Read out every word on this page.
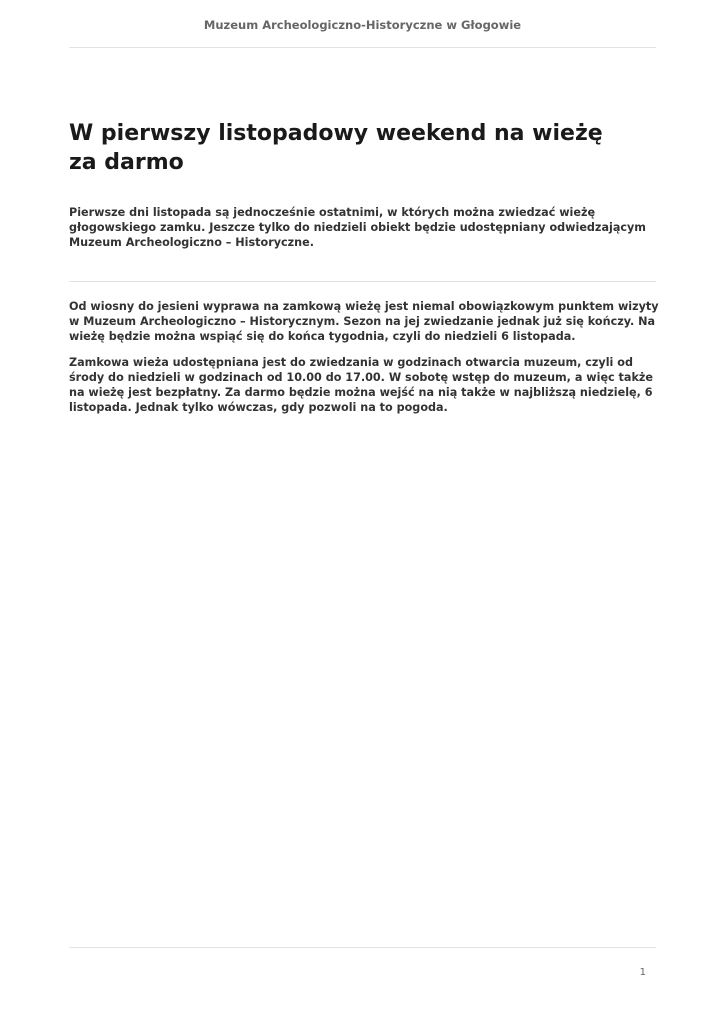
Muzeum Archeologiczno-Historyczne w Głogowie
W pierwszy listopadowy weekend na wieżę za darmo

Pierwsze dni listopada są jednocześnie ostatnimi, w których można zwiedzać wieżę głogowskiego zamku. Jeszcze tylko do niedzieli obiekt będzie udostępniany odwiedzającym Muzeum Archeologiczno – Historyczne.

Od wiosny do jesieni wyprawa na zamkową wieżę jest niemal obowiązkowym punktem wizyty w Muzeum Archeologiczno – Historycznym. Sezon na jej zwiedzanie jednak już się kończy. Na wieżę będzie można wspiąć się do końca tygodnia, czyli do niedzieli 6 listopada.

Zamkowa wieża udostępniana jest do zwiedzania w godzinach otwarcia muzeum, czyli od środy do niedzieli w godzinach od 10.00 do 17.00. W sobotę wstęp do muzeum, a więc także na wieżę jest bezpłatny. Za darmo będzie można wejść na nią także w najbliższą niedzielę, 6 listopada. Jednak tylko wówczas, gdy pozwoli na to pogoda.

1
